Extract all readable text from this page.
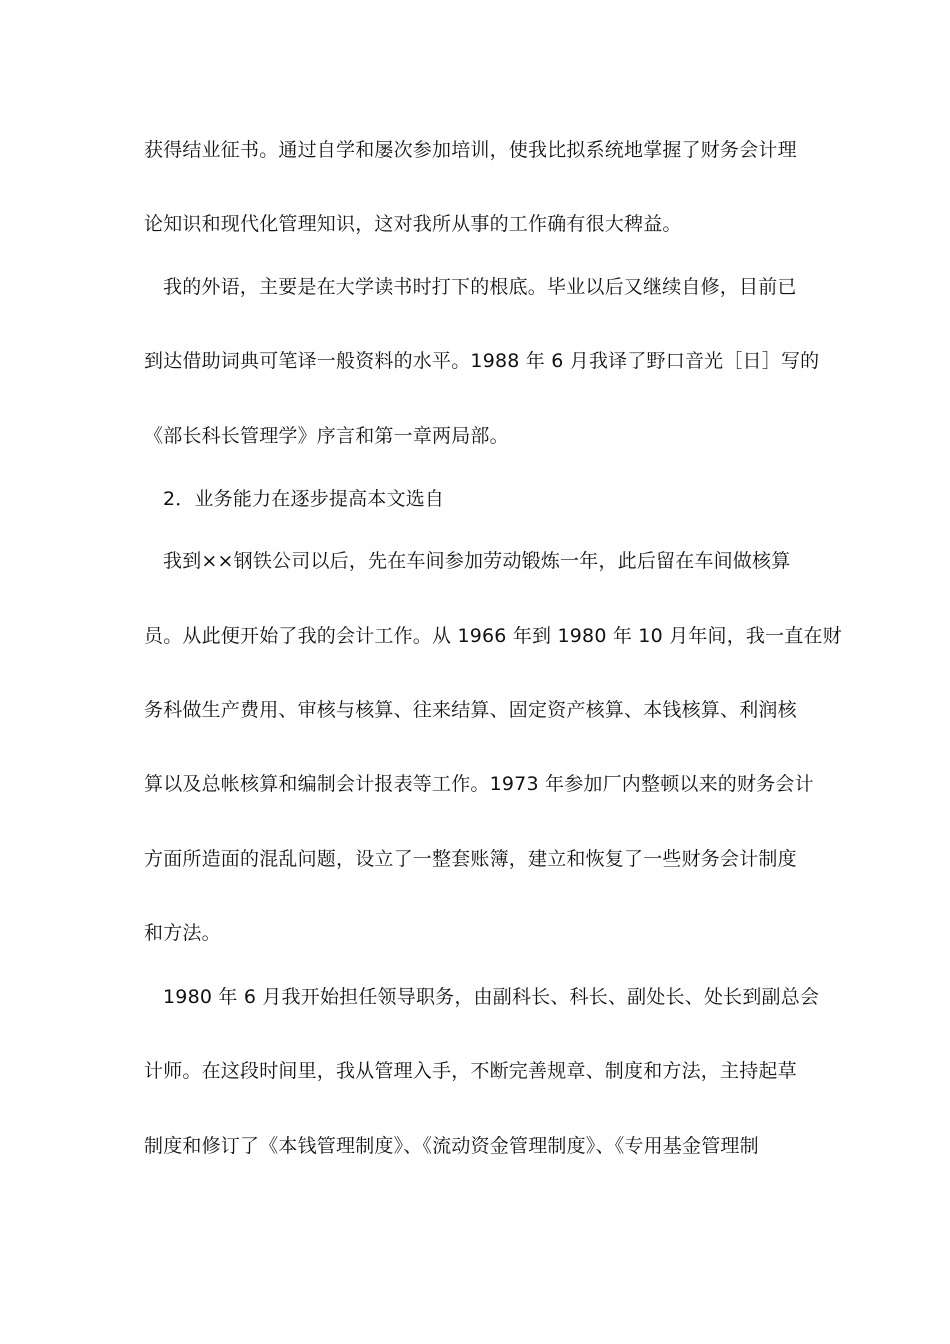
获得结业征书。通过自学和屡次参加培训，使我比拟系统地掌握了财务会计理
论知识和现代化管理知识，这对我所从事的工作确有很大稗益。
我的外语，主要是在大学读书时打下的根底。毕业以后又继续自修，目前已
到达借助词典可笔译一般资料的水平。1988 年 6 月我译了野口音光［日］写的
《部长科长管理学》序言和第一章两局部。
2．业务能力在逐步提高本文选自
我到××钢铁公司以后，先在车间参加劳动锻炼一年，此后留在车间做核算
员。从此便开始了我的会计工作。从 1966 年到 1980 年 10 月年间，我一直在财
务科做生产费用、审核与核算、往来结算、固定资产核算、本钱核算、利润核
算以及总帐核算和编制会计报表等工作。1973 年参加厂内整顿以来的财务会计
方面所造面的混乱问题，设立了一整套账簿，建立和恢复了一些财务会计制度
和方法。
1980 年 6 月我开始担任领导职务，由副科长、科长、副处长、处长到副总会
计师。在这段时间里，我从管理入手，不断完善规章、制度和方法，主持起草
制度和修订了《本钱管理制度》、《流动资金管理制度》、《专用基金管理制
